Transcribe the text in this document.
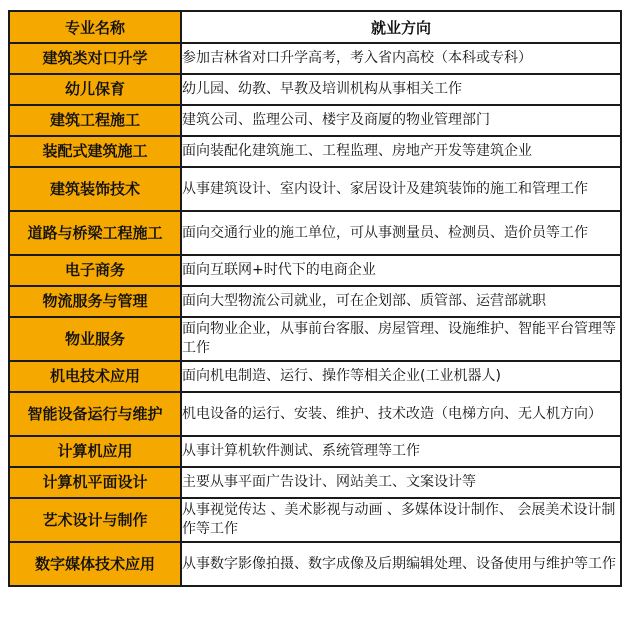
专业名称	就业方向
建筑类对口升学	参加吉林省对口升学高考，考入省内高校（本科或专科）
幼儿保育	幼儿园、幼教、早教及培训机构从事相关工作
建筑工程施工	建筑公司、监理公司、楼宇及商厦的物业管理部门
装配式建筑施工	面向装配化建筑施工、工程监理、房地产开发等建筑企业
建筑装饰技术	从事建筑设计、室内设计、家居设计及建筑装饰的施工和管理工作
道路与桥梁工程施工	面向交通行业的施工单位，可从事测量员、检测员、造价员等工作
电子商务	面向互联网+时代下的电商企业
物流服务与管理	面向大型物流公司就业，可在企划部、质管部、运营部就职
物业服务	面向物业企业，从事前台客服、房屋管理、设施维护、智能平台管理等工作
机电技术应用	面向机电制造、运行、操作等相关企业(工业机器人)
智能设备运行与维护	机电设备的运行、安装、维护、技术改造（电梯方向、无人机方向）
计算机应用	从事计算机软件测试、系统管理等工作
计算机平面设计	主要从事平面广告设计、网站美工、文案设计等
艺术设计与制作	从事视觉传达 、美术影视与动画 、多媒体设计制作、 会展美术设计制作等工作
数字媒体技术应用	从事数字影像拍摄、数字成像及后期编辑处理、设备使用与维护等工作
